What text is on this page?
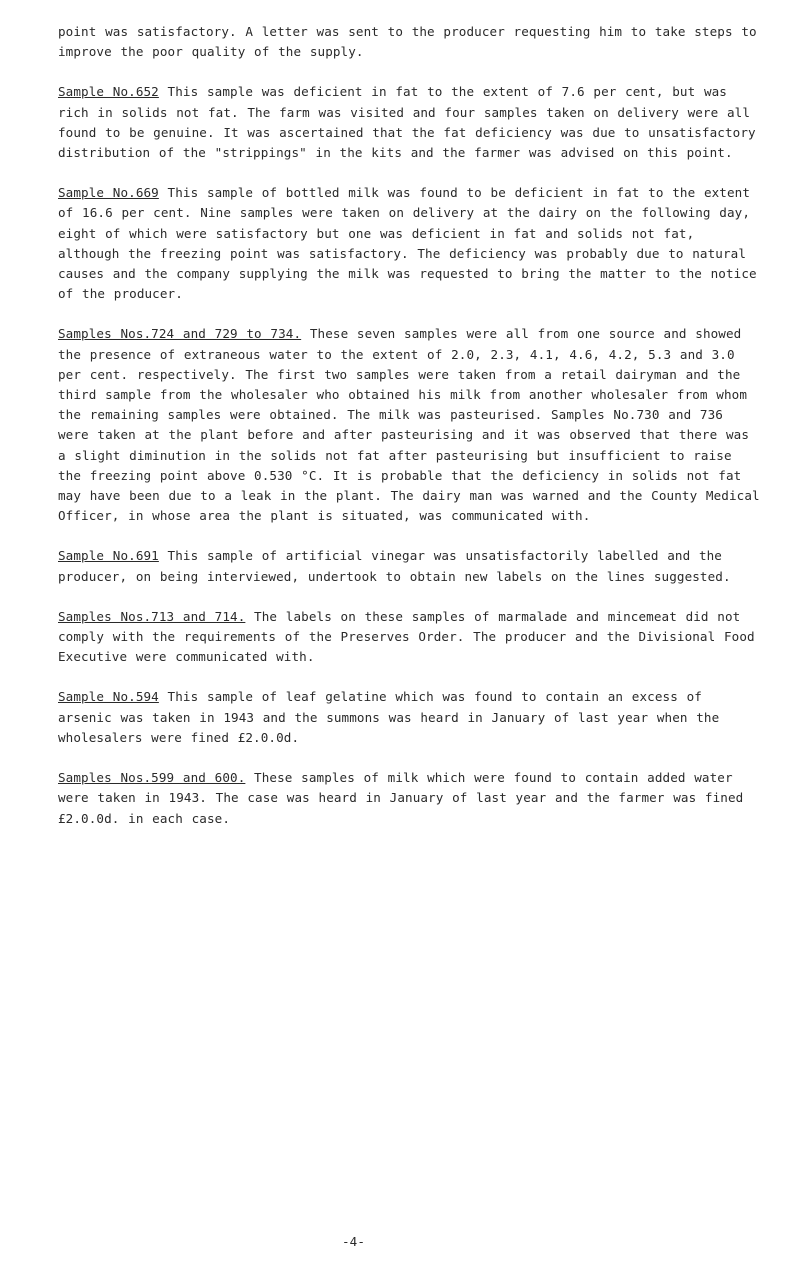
point was satisfactory. A letter was sent to the producer requesting him to take steps to improve the poor quality of the supply.

Sample No.652 This sample was deficient in fat to the extent of 7.6 per cent, but was rich in solids not fat. The farm was visited and four samples taken on delivery were all found to be genuine. It was ascertained that the fat deficiency was due to unsatisfactory distribution of the "strippings" in the kits and the farmer was advised on this point.

Sample No.669 This sample of bottled milk was found to be deficient in fat to the extent of 16.6 per cent. Nine samples were taken on delivery at the dairy on the following day, eight of which were satisfactory but one was deficient in fat and solids not fat, although the freezing point was satisfactory. The deficiency was probably due to natural causes and the company supplying the milk was requested to bring the matter to the notice of the producer.

Samples Nos.724 and 729 to 734. These seven samples were all from one source and showed the presence of extraneous water to the extent of 2.0, 2.3, 4.1, 4.6, 4.2, 5.3 and 3.0 per cent. respectively. The first two samples were taken from a retail dairyman and the third sample from the wholesaler who obtained his milk from another wholesaler from whom the remaining samples were obtained. The milk was pasteurised. Samples No.730 and 736 were taken at the plant before and after pasteurising and it was observed that there was a slight diminution in the solids not fat after pasteurising but insufficient to raise the freezing point above 0.530 °C. It is probable that the deficiency in solids not fat may have been due to a leak in the plant. The dairy man was warned and the County Medical Officer, in whose area the plant is situated, was communicated with.

Sample No.691 This sample of artificial vinegar was unsatisfactorily labelled and the producer, on being interviewed, undertook to obtain new labels on the lines suggested.

Samples Nos.713 and 714. The labels on these samples of marmalade and mincemeat did not comply with the requirements of the Preserves Order. The producer and the Divisional Food Executive were communicated with.

Sample No.594 This sample of leaf gelatine which was found to contain an excess of arsenic was taken in 1943 and the summons was heard in January of last year when the wholesalers were fined £2.0.0d.

Samples Nos.599 and 600. These samples of milk which were found to contain added water were taken in 1943. The case was heard in January of last year and the farmer was fined £2.0.0d. in each case.

-4-
